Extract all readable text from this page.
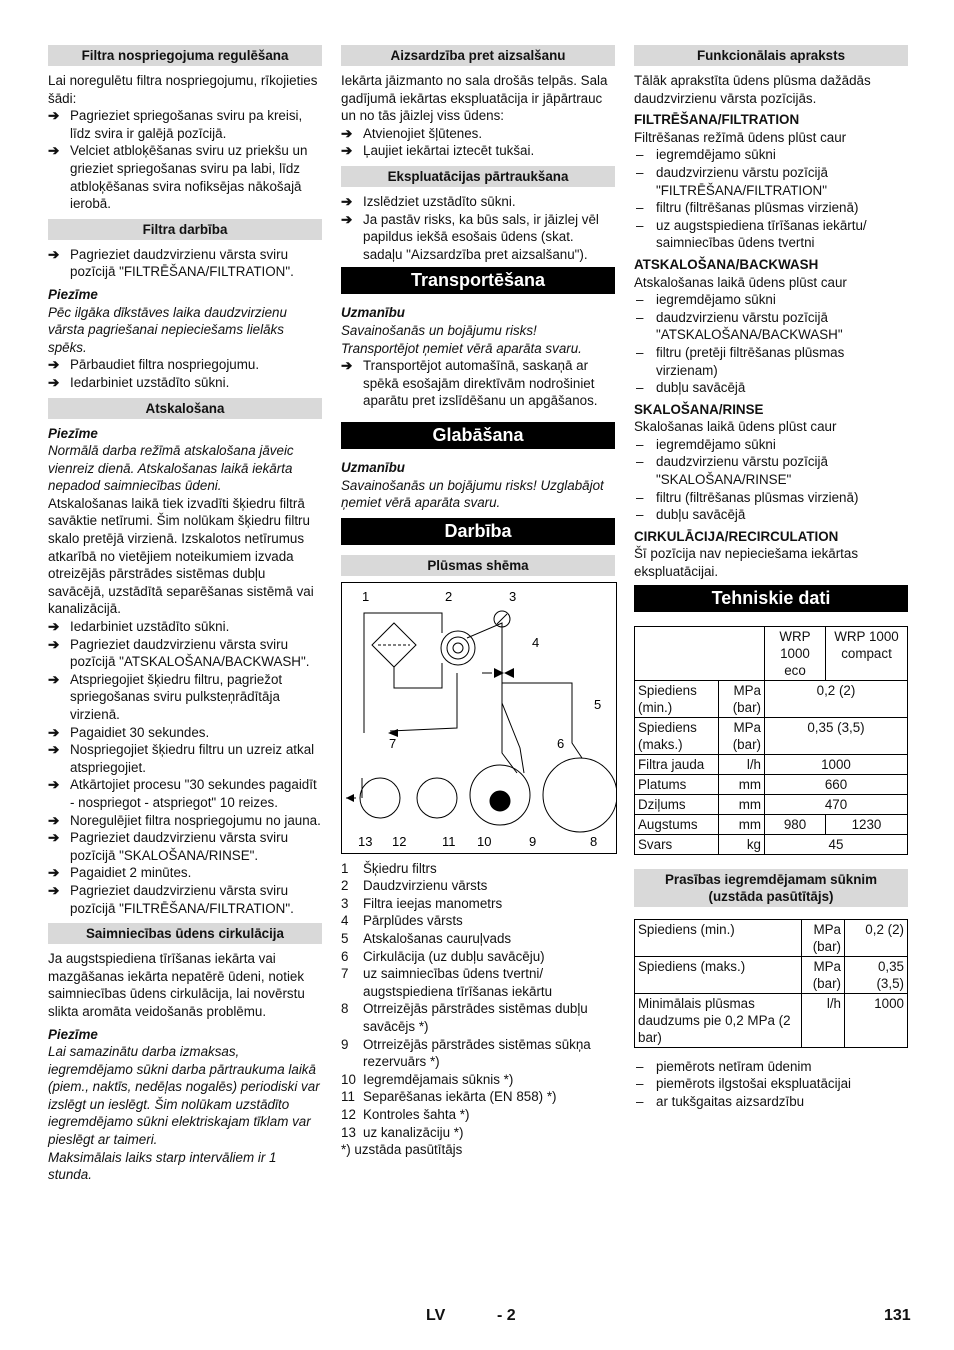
Filtra nospriegojuma regulēšana

Lai noregulētu filtra nospriegojumu, rīkojieties šādi:

➔ Pagrieziet spriegošanas sviru pa kreisi, līdz svira ir galējā pozīcijā.
➔ Velciet atbloķēšanas sviru uz priekšu un grieziet spriegošanas sviru pa labi, līdz atbloķēšanas svira nofiksējas nākošajā ierobā.
Filtra darbība
➔ Pagrieziet daudzvirzienu vārsta sviru pozīcijā "FILTRĒŠANA/FILTRATION".
Piezīme

Pēc ilgāka dīkstāves laika daudzvirzienu vārsta pagriešanai nepieciešams lielāks spēks.

➔ Pārbaudiet filtra nospriegojumu.
➔ Iedarbiniet uzstādīto sūkni.
Atskalošana
Piezīme

Normālā darba režīmā atskalošana jāveic vienreiz dienā. Atskalošanas laikā iekārta nepadod saimniecības ūdeni.

Atskalošanas laikā tiek izvadīti šķiedru filtrā savāktie netīrumi. Šim nolūkam šķiedru filtru skalo pretējā virzienā. Izskalotos netīrumus atkarībā no vietējiem noteikumiem izvada otreizējās pārstrādes sistēmas dubļu savācējā, uzstādītā separēšanas sistēmā vai kanalizācijā.

➔ Iedarbiniet uzstādīto sūkni.
➔ Pagrieziet daudzvirzienu vārsta sviru pozīcijā "ATSKALOŠANA/BACKWASH".
➔ Atspriegojiet šķiedru filtru, pagriežot spriegošanas sviru pulksteņrādītāja virzienā.
➔ Pagaidiet 30 sekundes.
➔ Nospriegojiet šķiedru filtru un uzreiz atkal atspriegojiet.
➔ Atkārtojiet procesu "30 sekundes pagaidīt - nospriegot - atspriegot" 10 reizes.
➔ Noregulējiet filtra nospriegojumu no jauna.
➔ Pagrieziet daudzvirzienu vārsta sviru pozīcijā "SKALOŠANA/RINSE".
➔ Pagaidiet 2 minūtes.
➔ Pagrieziet daudzvirzienu vārsta sviru pozīcijā "FILTRĒŠANA/FILTRATION".
Saimniecības ūdens cirkulācija

Ja augstspiediena tīrīšanas iekārta vai mazgāšanas iekārta nepatērē ūdeni, notiek saimniecības ūdens cirkulācija, lai novērstu slikta aromāta veidošanās problēmu.

Piezīme

Lai samazinātu darba izmaksas, iegremdējamo sūkni darba pārtraukuma laikā (piem., naktīs, nedēļas nogalēs) periodiski var izslēgt un ieslēgt. Šim nolūkam uzstādīto iegremdējamo sūkni elektriskajam tīklam var pieslēgt ar taimeri.

Maksimālais laiks starp intervāliem ir 1 stunda.

Aizsardzība pret aizsalšanu

Iekārta jāizmanto no sala drošās telpās. Sala gadījumā iekārtas ekspluatācija ir jāpārtrauc un no tās jāizlej viss ūdens:

➔ Atvienojiet šļūtenes.
➔ Ļaujiet iekārtai iztecēt tukšai.
Ekspluatācijas pārtraukšana
➔ Izslēdziet uzstādīto sūkni.
➔ Ja pastāv risks, ka būs sals, ir jāizlej vēl papildus iekšā esošais ūdens (skat. sadaļu "Aizsardzība pret aizsalšanu").
Transportēšana
Uzmanību

Savainošanās un bojājumu risks! Transportējot ņemiet vērā aparāta svaru.

➔ Transportējot automašīnā, saskaņā ar spēkā esošajām direktīvām nodrošiniet aparātu pret izslīdēšanu un apgāšanos.
Glabāšana
Uzmanību

Savainošanās un bojājumu risks! Uzglabājot ņemiet vērā aparāta svaru.

Darbība
Plūsmas shēma
1	2	3
4
5
6
7
8
9
10
11
12
13
1 Šķiedru filtrs
2 Daudzvirzienu vārsts
3 Filtra ieejas manometrs
4 Pārplūdes vārsts
5 Atskalošanas cauruļvads
6 Cirkulācija (uz dubļu savācēju)
7 uz saimniecības ūdens tvertni/ augstspiediena tīrīšanas iekārtu
8 Otrreizējās pārstrādes sistēmas dubļu savācējs *)
9 Otrreizējās pārstrādes sistēmas sūkņa rezervuārs *)
10 Iegremdējamais sūknis *)
11 Separēšanas iekārta (EN 858) *)
12 Kontroles šahta *)
13 uz kanalizāciju *)

*) uzstāda pasūtītājs

Funkcionālais apraksts

Tālāk aprakstīta ūdens plūsma dažādās daudzvirzienu vārsta pozīcijās.

FILTRĒŠANA/FILTRATION

Filtrēšanas režīmā ūdens plūst caur

– iegremdējamo sūkni
– daudzvirzienu vārstu pozīcijā "FILTRĒŠANA/FILTRATION"
– filtru (filtrēšanas plūsmas virzienā)
– uz augstspiediena tīrīšanas iekārtu/ saimniecības ūdens tvertni
ATSKALOŠANA/BACKWASH

Atskalošanas laikā ūdens plūst caur

– iegremdējamo sūkni
– daudzvirzienu vārstu pozīcijā "ATSKALOŠANA/BACKWASH"
– filtru (pretēji filtrēšanas plūsmas virzienam)
– dubļu savācējā
SKALOŠANA/RINSE

Skalošanas laikā ūdens plūst caur

– iegremdējamo sūkni
– daudzvirzienu vārstu pozīcijā "SKALOŠANA/RINSE"
– filtru (filtrēšanas plūsmas virzienā)
– dubļu savācējā
CIRKULĀCIJA/RECIRCULATION

Šī pozīcija nav nepieciešama iekārtas ekspluatācijai.

Tehniskie dati
		WRP 1000 eco	WRP 1000 compact
Spiediens (min.)	MPa (bar)	0,2 (2)	
Spiediens (maks.)	MPa (bar)	0,35 (3,5)	
Filtra jauda	l/h	1000	
Platums	mm	660	
Dziļums	mm	470	
Augstums	mm	980	1230
Svars	kg	45	
Prasības iegremdējamam sūknim (uzstāda pasūtītājs)
Spiediens (min.)	MPa (bar)	0,2 (2)
Spiediens (maks.)	MPa (bar)	0,35 (3,5)
Minimālais plūsmas daudzums pie 0,2 MPa (2 bar)	l/h	1000
– piemērots netīram ūdenim
– piemērots ilgstošai ekspluatācijai
– ar tukšgaitas aizsardzību
LV	- 2	131
